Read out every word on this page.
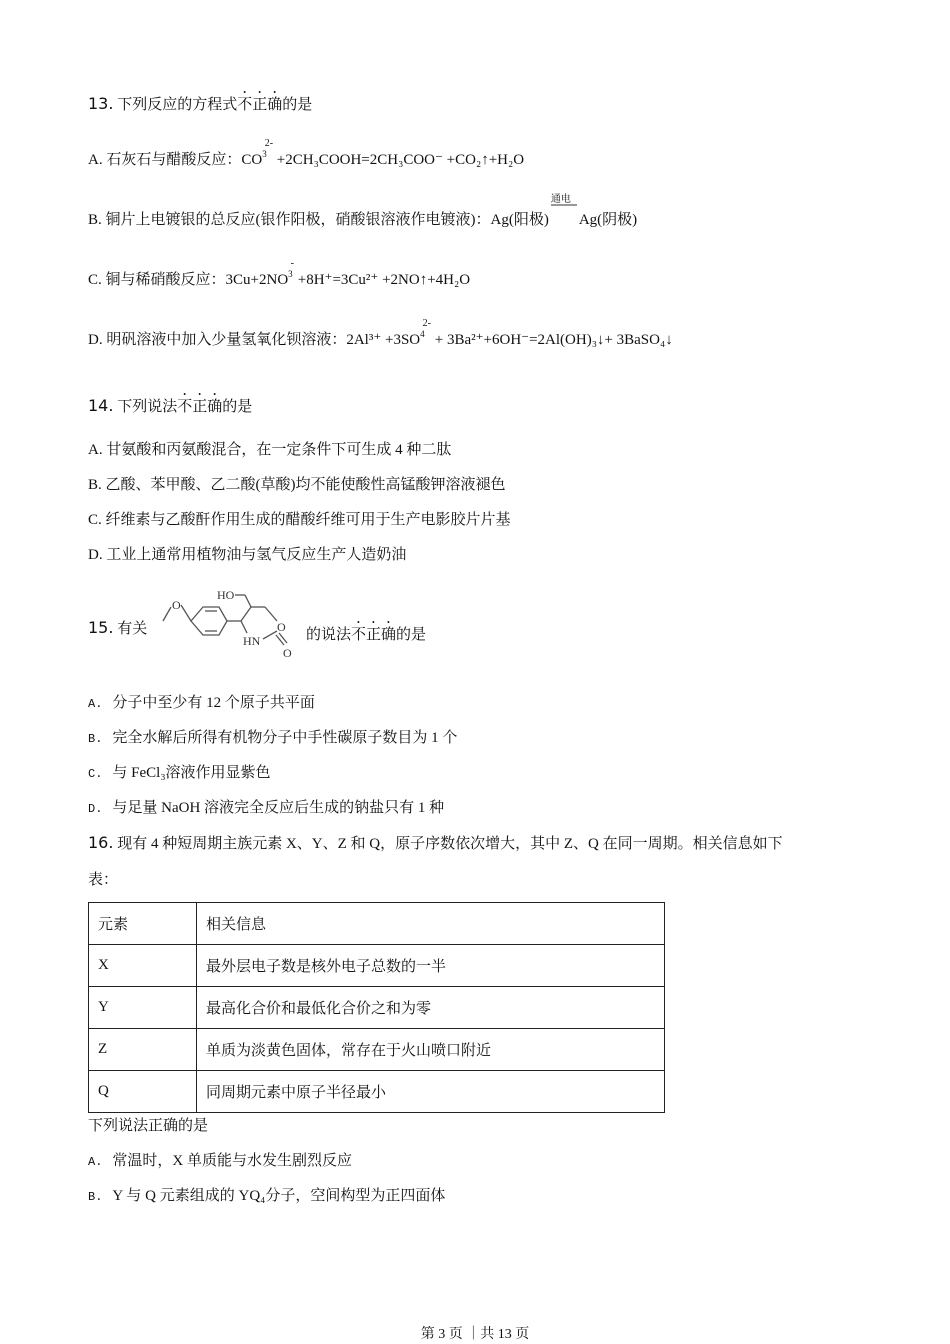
13. 下列反应的方程式不正确的是
A. 石灰石与醋酸反应：$CO^{32-}$ +2CH₃COOH=2CH₃COO⁻ +CO₂↑+H₂O
B. 铜片上电镀银的总反应(银作阳极，硝酸银溶液作电镀液)：Ag(阳极)
通电
Ag(阴极)
C. 铜与稀硝酸反应：$3Cu+2NO^{3-} +8H^+=3Cu^{2+}$ +2NO↑+4H₂O
D. 明矾溶液中加入少量氢氧化钡溶液：$2Al^{3+} +3SO^{42-}$ + 3Ba²⁺+6OH⁻=2Al(OH)₃↓+ 3BaSO₄↓
14. 下列说法不正确的是
A. 甘氨酸和丙氨酸混合，在一定条件下可生成 4 种二肽
B. 乙酸、苯甲酸、乙二酸(草酸)均不能使酸性高锰酸钾溶液褪色
C. 纤维素与乙酸酐作用生成的醋酸纤维可用于生产电影胶片片基
D. 工业上通常用植物油与氢气反应生产人造奶油
15. 有关
O
HO
O
HN
O
的说法不正确的是
A. 分子中至少有 12 个原子共平面
B. 完全水解后所得有机物分子中手性碳原子数目为 1 个
C. 与 FeCl₃溶液作用显紫色
D. 与足量 NaOH 溶液完全反应后生成的钠盐只有 1 种
16. 现有 4 种短周期主族元素 X、Y、Z 和 Q，原子序数依次增大，其中 Z、Q 在同一周期。相关信息如下
表：
元素	相关信息
X	最外层电子数是核外电子总数的一半
Y	最高化合价和最低化合价之和为零
Z	单质为淡黄色固体，常存在于火山喷口附近
Q	同周期元素中原子半径最小
下列说法正确的是
A. 常温时，X 单质能与水发生剧烈反应
B. Y 与 Q 元素组成的 YQ₄分子，空间构型为正四面体
第 3 页 ｜共 13 页
